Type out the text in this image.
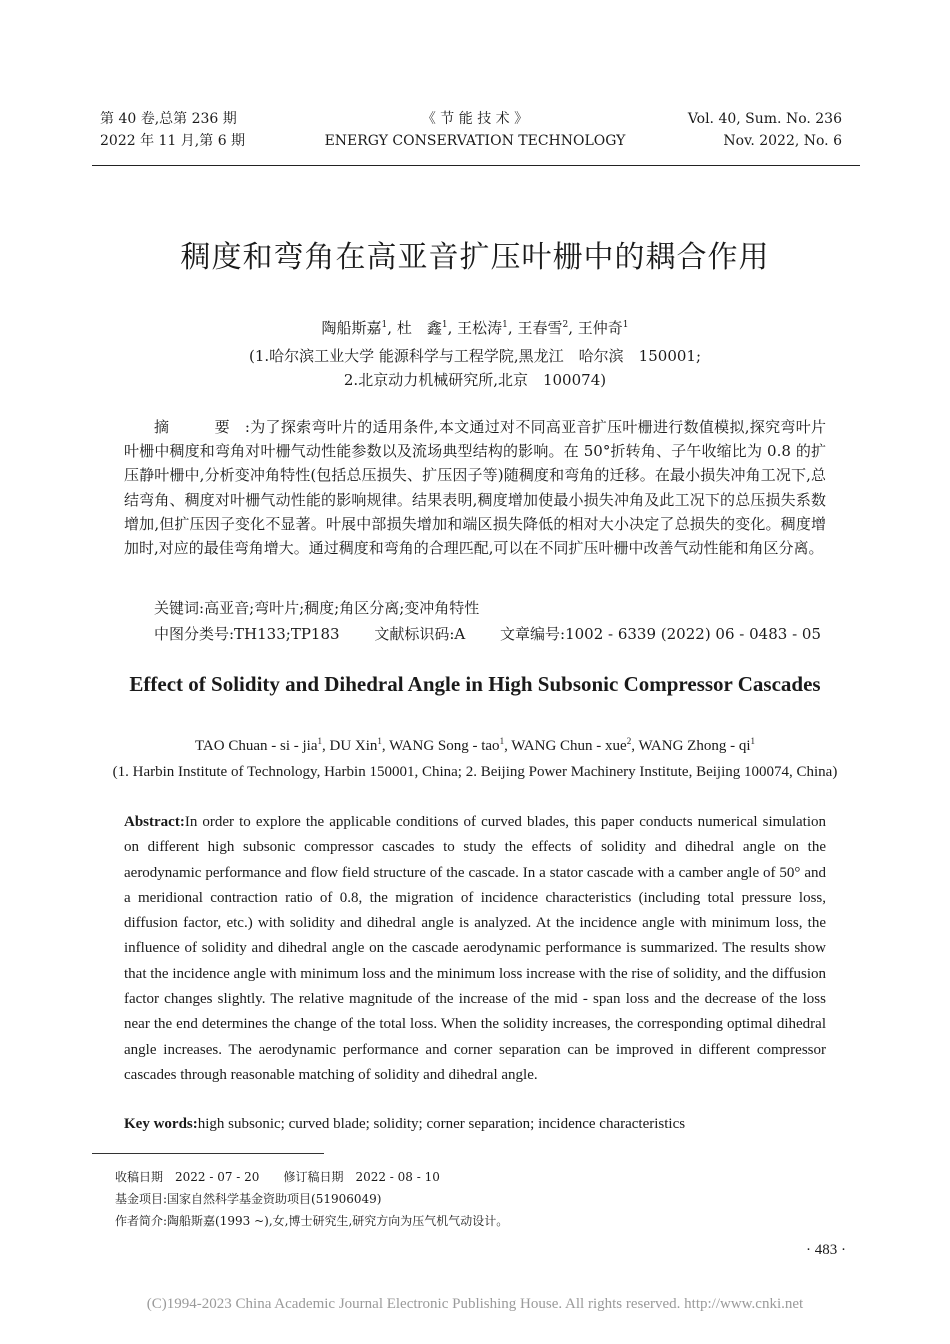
第 40 卷,总第 236 期
2022 年 11 月,第 6 期
《 节 能 技 术 》
ENERGY CONSERVATION TECHNOLOGY
Vol. 40, Sum. No. 236
Nov. 2022, No. 6
稠度和弯角在高亚音扩压叶栅中的耦合作用
陶船斯嘉$^1$, 杜　鑫$^1$, 王松涛$^1$, 王春雪$^2$, 王仲奇$^1$
(1.哈尔滨工业大学 能源科学与工程学院,黑龙江　哈尔滨　150001;
2.北京动力机械研究所,北京　100074)

摘　要:为了探索弯叶片的适用条件,本文通过对不同高亚音扩压叶栅进行数值模拟,探究弯叶片叶栅中稠度和弯角对叶栅气动性能参数以及流场典型结构的影响。在 50°折转角、子午收缩比为 0.8 的扩压静叶栅中,分析变冲角特性(包括总压损失、扩压因子等)随稠度和弯角的迁移。在最小损失冲角工况下,总结弯角、稠度对叶栅气动性能的影响规律。结果表明,稠度增加使最小损失冲角及此工况下的总压损失系数增加,但扩压因子变化不显著。叶展中部损失增加和端区损失降低的相对大小决定了总损失的变化。稠度增加时,对应的最佳弯角增大。通过稠度和弯角的合理匹配,可以在不同扩压叶栅中改善气动性能和角区分离。

关键词:高亚音;弯叶片;稠度;角区分离;变冲角特性
中图分类号:TH133;TP183 文献标识码:A 文章编号:1002 - 6339 (2022) 06 - 0483 - 05
Effect of Solidity and Dihedral Angle in High Subsonic Compressor Cascades
TAO Chuan - si - jia$^1$, DU Xin$^1$, WANG Song - tao$^1$, WANG Chun - xue$^2$, WANG Zhong - $qi^1$
(1. Harbin Institute of Technology, Harbin 150001, China; 2. Beijing Power Machinery Institute, Beijing 100074, China)

Abstract:In order to explore the applicable conditions of curved blades, this paper conducts numerical simulation on different high subsonic compressor cascades to study the effects of solidity and dihedral angle on the aerodynamic performance and flow field structure of the cascade. In a stator cascade with a camber angle of 50° and a meridional contraction ratio of 0.8, the migration of incidence characteristics (including total pressure loss, diffusion factor, etc.) with solidity and dihedral angle is analyzed. At the incidence angle with minimum loss, the influence of solidity and dihedral angle on the cascade aerodynamic performance is summarized. The results show that the incidence angle with minimum loss and the minimum loss increase with the rise of solidity, and the diffusion factor changes slightly. The relative magnitude of the increase of the mid - span loss and the decrease of the loss near the end determines the change of the total loss. When the solidity increases, the corresponding optimal dihedral angle increases. The aerodynamic performance and corner separation can be improved in different compressor cascades through reasonable matching of solidity and dihedral angle.

Key words:high subsonic; curved blade; solidity; corner separation; incidence characteristics
收稿日期　2022 - 07 - 20　　修订稿日期　2022 - 08 - 10
基金项目:国家自然科学基金资助项目(51906049)
作者简介:陶船斯嘉(1993 ~),女,博士研究生,研究方向为压气机气动设计。
· 483 ·
(C)1994-2023 China Academic Journal Electronic Publishing House. All rights reserved. http://www.cnki.net
